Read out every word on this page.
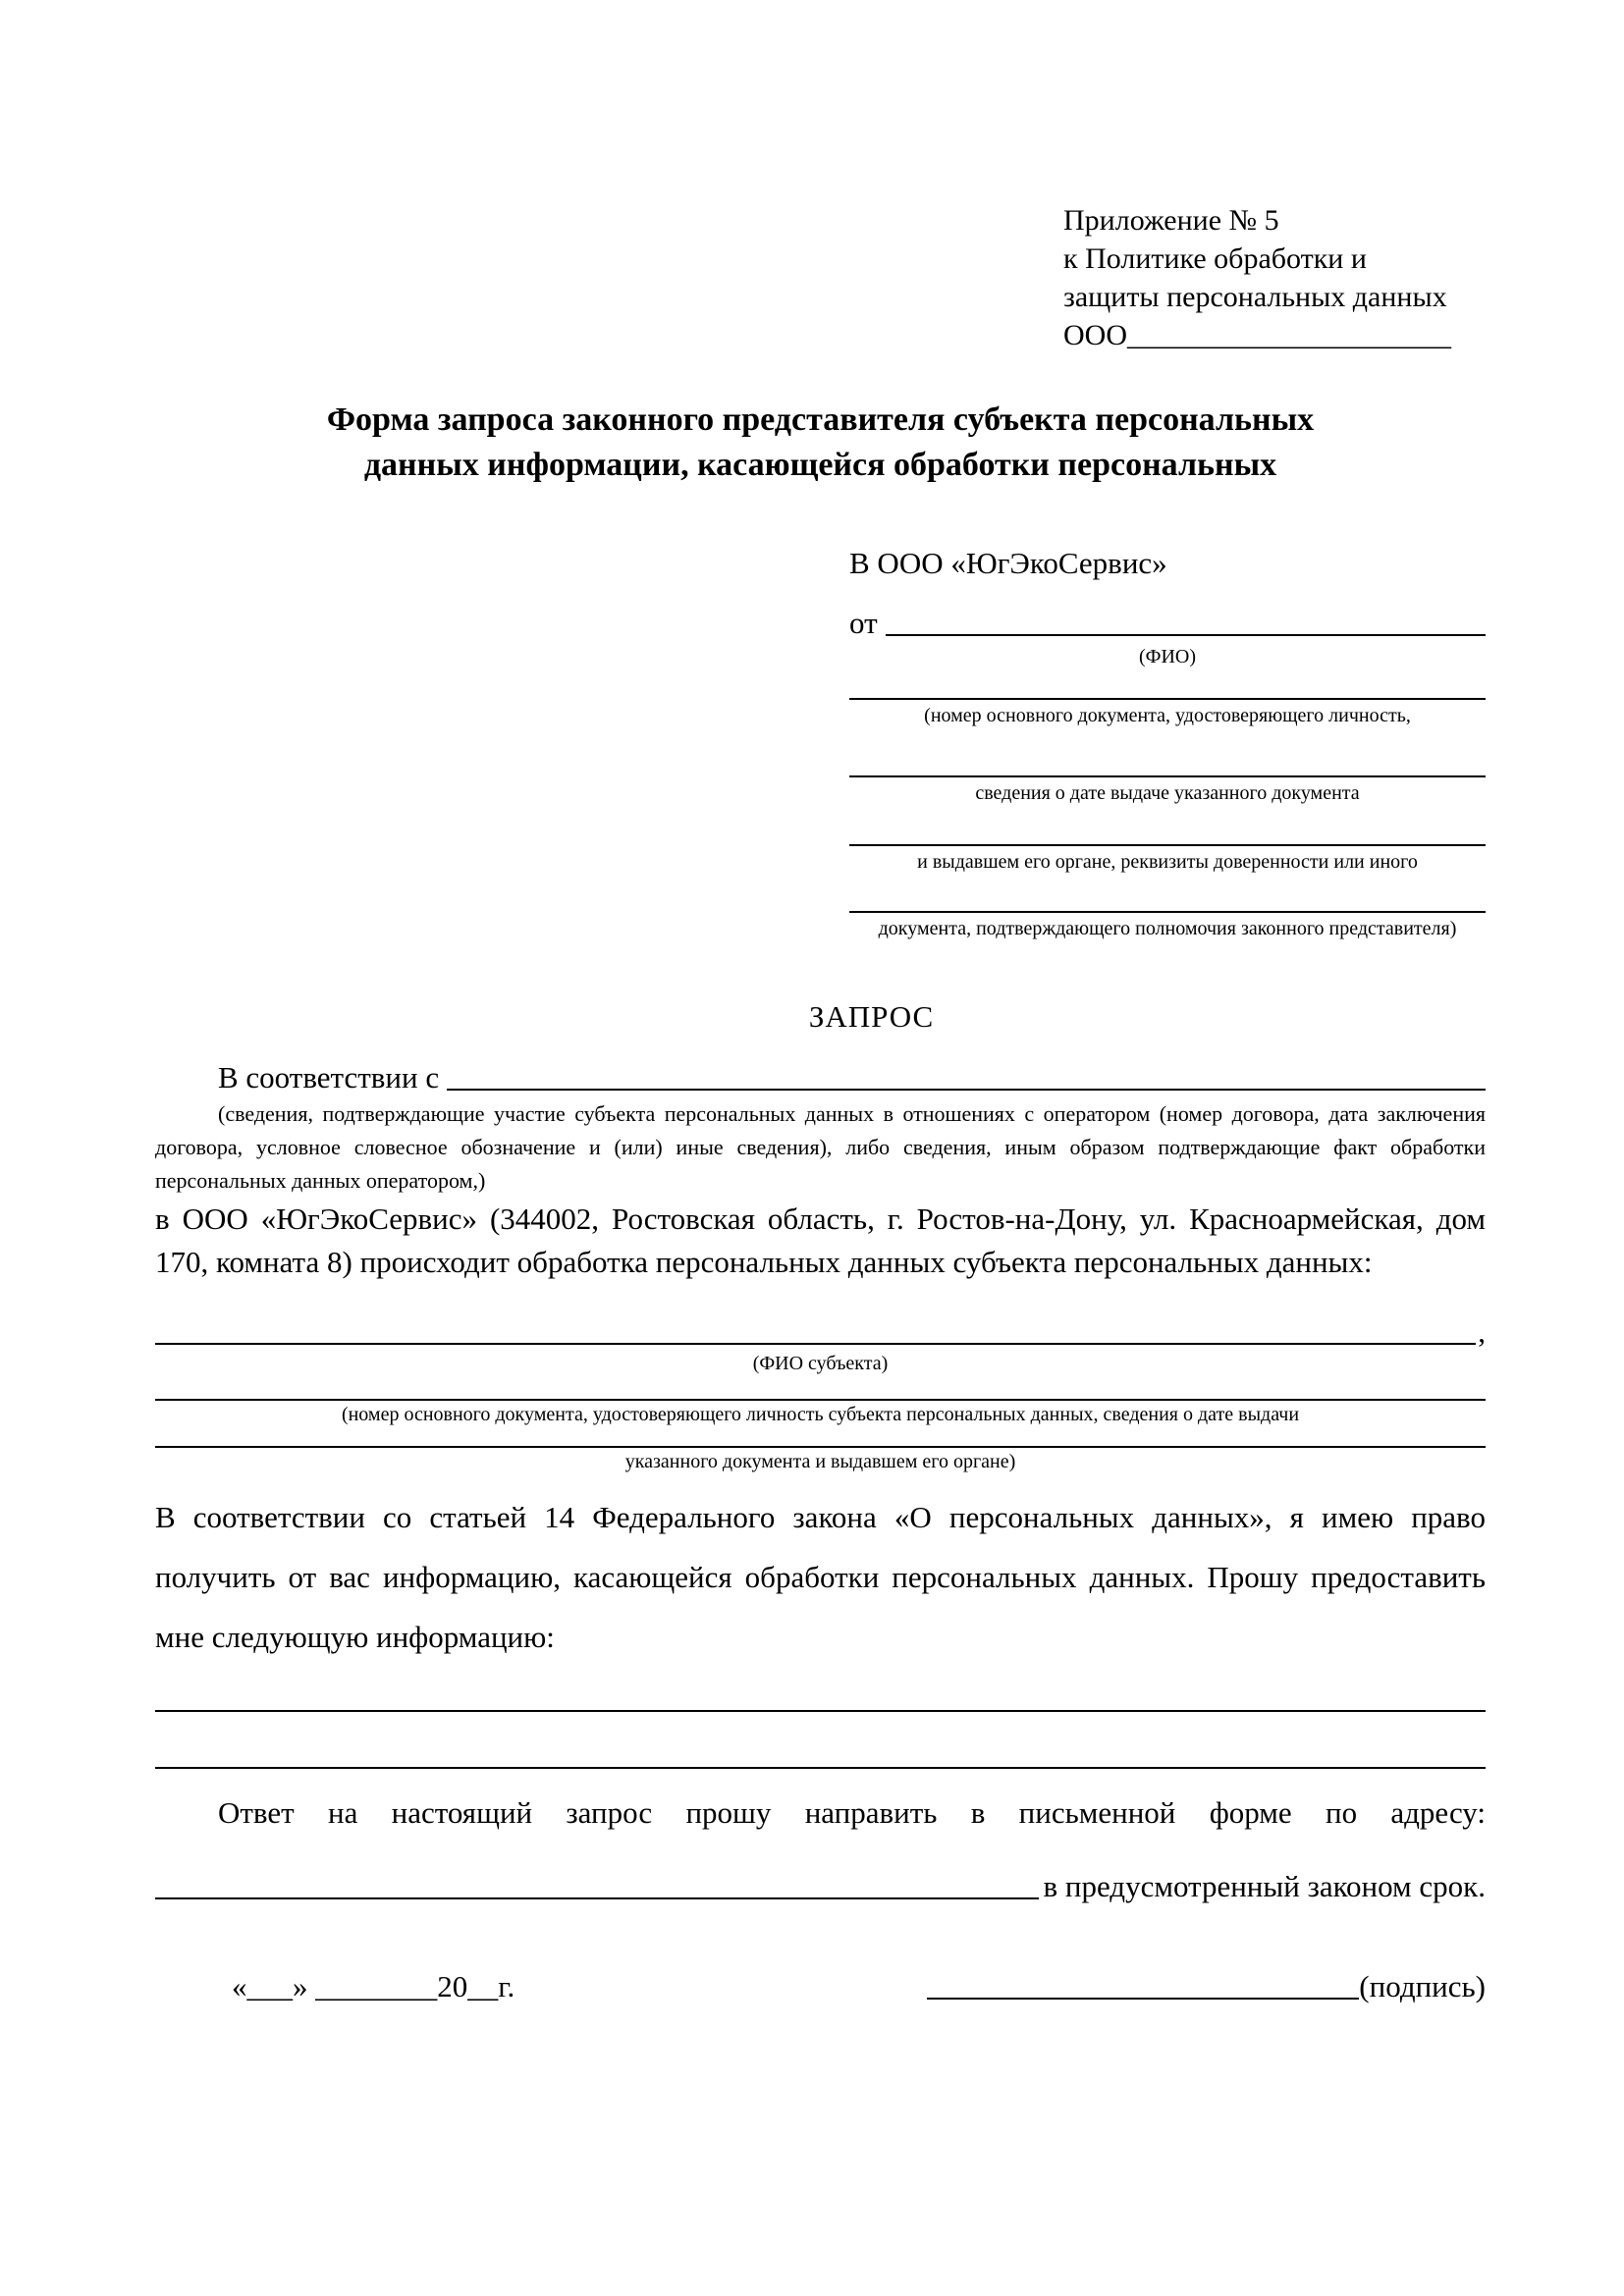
Приложение № 5
к Политике обработки и
защиты персональных данных
ООО______________________
Форма запроса законного представителя субъекта персональных
данных информации, касающейся обработки персональных
В ООО «ЮгЭкоСервис»
от
(ФИО)
(номер основного документа, удостоверяющего личность,
сведения о дате выдаче указанного документа
и выдавшем его органе, реквизиты доверенности или иного
документа, подтверждающего полномочия законного представителя)
ЗАПРОС
В соответствии с
(сведения, подтверждающие участие субъекта персональных данных в отношениях с оператором (номер договора, дата заключения договора, условное словесное обозначение и (или) иные сведения), либо сведения, иным образом подтверждающие факт обработки персональных данных оператором,)

в ООО «ЮгЭкоСервис» (344002, Ростовская область, г. Ростов-на-Дону, ул. Красноармейская, дом 170, комната 8) происходит обработка персональных данных субъекта персональных данных:

,
(ФИО субъекта)
(номер основного документа, удостоверяющего личность субъекта персональных данных, сведения о дате выдачи
указанного документа и выдавшем его органе)

В соответствии со статьей 14 Федерального закона «О персональных данных», я имею право получить от вас информацию, касающейся обработки персональных данных. Прошу предоставить мне следующую информацию:

Ответ на настоящий запрос прошу направить в письменной форме по адресу:

в предусмотренный законом срок.
«___» ________20__г.	(подпись)
